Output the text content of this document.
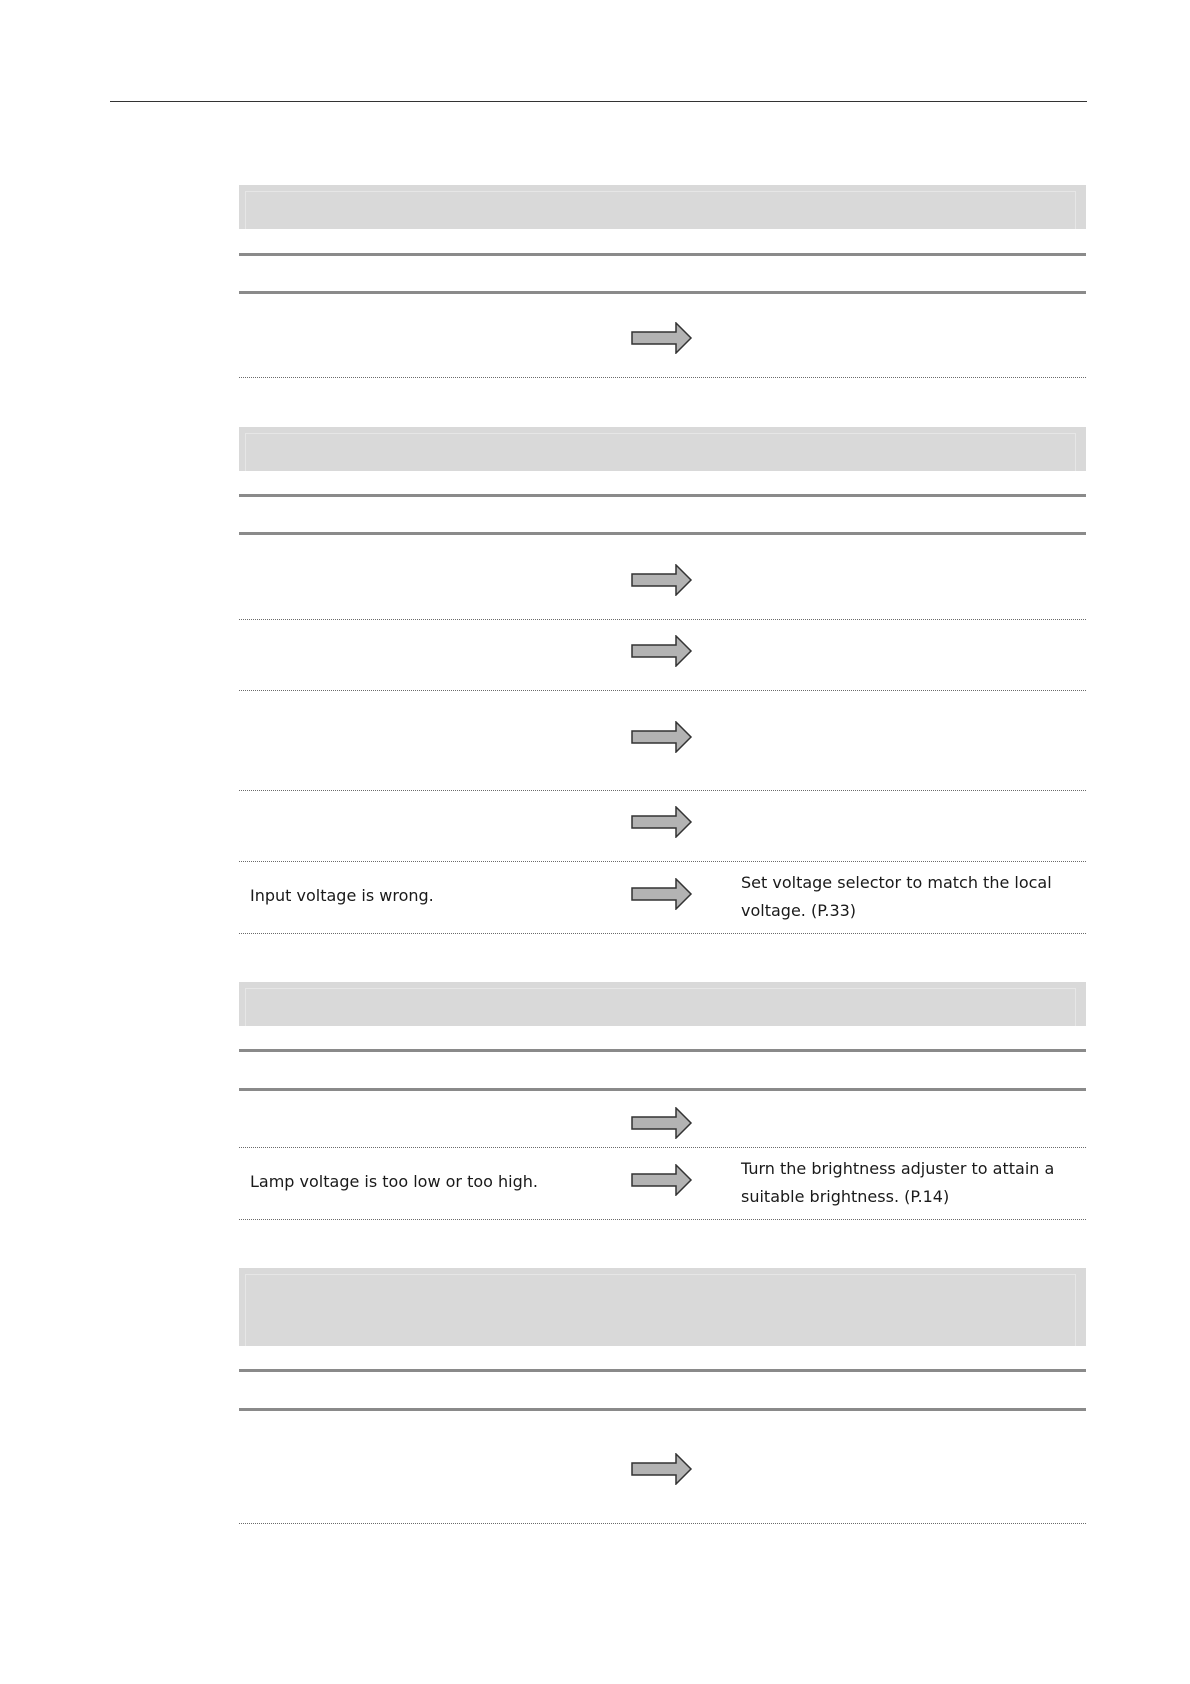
Input voltage is wrong.
Set voltage selector to match the local voltage. (P.33)
Lamp voltage is too low or too high.
Turn the brightness adjuster to attain a suitable brightness. (P.14)
